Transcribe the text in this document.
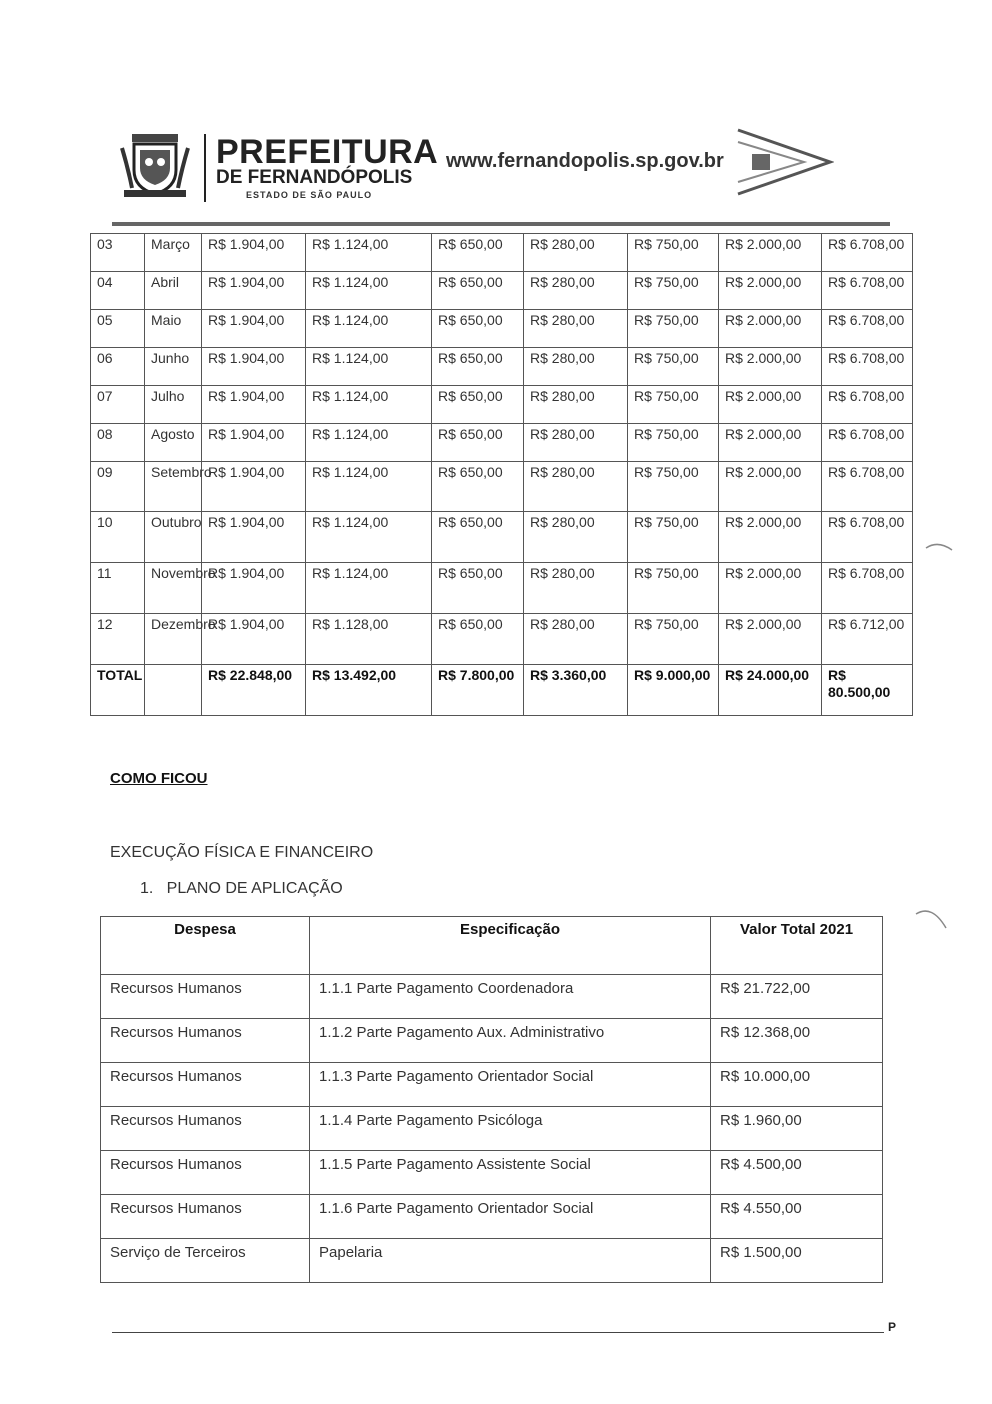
PREFEITURA
DE FERNANDÓPOLIS
ESTADO DE SÃO PAULO
www.fernandopolis.sp.gov.br
03	Março	R$ 1.904,00	R$ 1.124,00	R$ 650,00	R$ 280,00	R$ 750,00	R$ 2.000,00	R$ 6.708,00
04	Abril	R$ 1.904,00	R$ 1.124,00	R$ 650,00	R$ 280,00	R$ 750,00	R$ 2.000,00	R$ 6.708,00
05	Maio	R$ 1.904,00	R$ 1.124,00	R$ 650,00	R$ 280,00	R$ 750,00	R$ 2.000,00	R$ 6.708,00
06	Junho	R$ 1.904,00	R$ 1.124,00	R$ 650,00	R$ 280,00	R$ 750,00	R$ 2.000,00	R$ 6.708,00
07	Julho	R$ 1.904,00	R$ 1.124,00	R$ 650,00	R$ 280,00	R$ 750,00	R$ 2.000,00	R$ 6.708,00
08	Agosto	R$ 1.904,00	R$ 1.124,00	R$ 650,00	R$ 280,00	R$ 750,00	R$ 2.000,00	R$ 6.708,00
09	Setembro	R$ 1.904,00	R$ 1.124,00	R$ 650,00	R$ 280,00	R$ 750,00	R$ 2.000,00	R$ 6.708,00
10	Outubro	R$ 1.904,00	R$ 1.124,00	R$ 650,00	R$ 280,00	R$ 750,00	R$ 2.000,00	R$ 6.708,00
11	Novembro	R$ 1.904,00	R$ 1.124,00	R$ 650,00	R$ 280,00	R$ 750,00	R$ 2.000,00	R$ 6.708,00
12	Dezembro	R$ 1.904,00	R$ 1.128,00	R$ 650,00	R$ 280,00	R$ 750,00	R$ 2.000,00	R$ 6.712,00
TOTAL		R$ 22.848,00	R$ 13.492,00	R$ 7.800,00	R$ 3.360,00	R$ 9.000,00	R$ 24.000,00	R$ 80.500,00
COMO FICOU
EXECUÇÃO FÍSICA E FINANCEIRO
1.   PLANO DE APLICAÇÃO
Despesa	Especificação	Valor Total 2021
Recursos Humanos	1.1.1 Parte Pagamento Coordenadora	R$ 21.722,00
Recursos Humanos	1.1.2 Parte Pagamento Aux. Administrativo	R$ 12.368,00
Recursos Humanos	1.1.3 Parte Pagamento Orientador Social	R$ 10.000,00
Recursos Humanos	1.1.4 Parte Pagamento Psicóloga	R$ 1.960,00
Recursos Humanos	1.1.5 Parte Pagamento Assistente Social	R$ 4.500,00
Recursos Humanos	1.1.6 Parte Pagamento Orientador Social	R$ 4.550,00
Serviço de Terceiros	Papelaria	R$ 1.500,00
P
